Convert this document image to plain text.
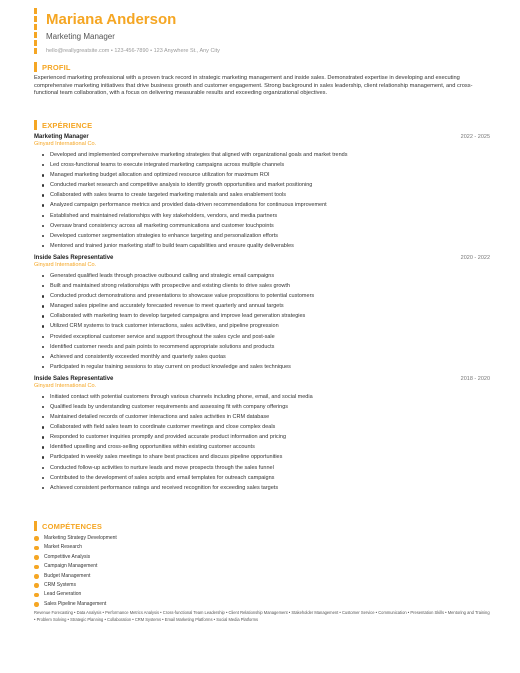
Mariana Anderson
Marketing Manager
hello@reallygreatsite.com • 123-456-7890 • 123 Anywhere St., Any City
PROFIL
Experienced marketing professional with a proven track record in strategic marketing management and inside sales. Demonstrated expertise in developing and executing comprehensive marketing initiatives that drive business growth and customer engagement. Strong background in sales leadership, client relationship management, and cross-functional team collaboration, with a focus on delivering measurable results and exceeding organizational objectives.
EXPÉRIENCE
Marketing Manager	2022 - 2025
Ginyard International Co.
Developed and implemented comprehensive marketing strategies that aligned with organizational goals and market trends
Led cross-functional teams to execute integrated marketing campaigns across multiple channels
Managed marketing budget allocation and optimized resource utilization for maximum ROI
Conducted market research and competitive analysis to identify growth opportunities and market positioning
Collaborated with sales teams to create targeted marketing materials and sales enablement tools
Analyzed campaign performance metrics and provided data-driven recommendations for continuous improvement
Established and maintained relationships with key stakeholders, vendors, and media partners
Oversaw brand consistency across all marketing communications and customer touchpoints
Developed customer segmentation strategies to enhance targeting and personalization efforts
Mentored and trained junior marketing staff to build team capabilities and ensure quality deliverables
Inside Sales Representative	2020 - 2022
Ginyard International Co.
Generated qualified leads through proactive outbound calling and strategic email campaigns
Built and maintained strong relationships with prospective and existing clients to drive sales growth
Conducted product demonstrations and presentations to showcase value propositions to potential customers
Managed sales pipeline and accurately forecasted revenue to meet quarterly and annual targets
Collaborated with marketing team to develop targeted campaigns and improve lead generation strategies
Utilized CRM systems to track customer interactions, sales activities, and pipeline progression
Provided exceptional customer service and support throughout the sales cycle and post-sale
Identified customer needs and pain points to recommend appropriate solutions and products
Achieved and consistently exceeded monthly and quarterly sales quotas
Participated in regular training sessions to stay current on product knowledge and sales techniques
Inside Sales Representative	2018 - 2020
Ginyard International Co.
Initiated contact with potential customers through various channels including phone, email, and social media
Qualified leads by understanding customer requirements and assessing fit with company offerings
Maintained detailed records of customer interactions and sales activities in CRM database
Collaborated with field sales team to coordinate customer meetings and close complex deals
Responded to customer inquiries promptly and provided accurate product information and pricing
Identified upselling and cross-selling opportunities within existing customer accounts
Participated in weekly sales meetings to share best practices and discuss pipeline opportunities
Conducted follow-up activities to nurture leads and move prospects through the sales funnel
Contributed to the development of sales scripts and email templates for outreach campaigns
Achieved consistent performance ratings and received recognition for exceeding sales targets
COMPÉTENCES
Marketing Strategy Development
Market Research
Competitive Analysis
Campaign Management
Budget Management
CRM Systems
Lead Generation
Sales Pipeline Management
Revenue Forecasting • Data Analysis • Performance Metrics Analysis • Cross-functional Team Leadership • Client Relationship Management • Stakeholder Management • Customer Service • Communication • Presentation Skills • Mentoring and Training • Problem Solving • Strategic Planning • Collaboration • CRM Systems • Email Marketing Platforms • Social Media Platforms
